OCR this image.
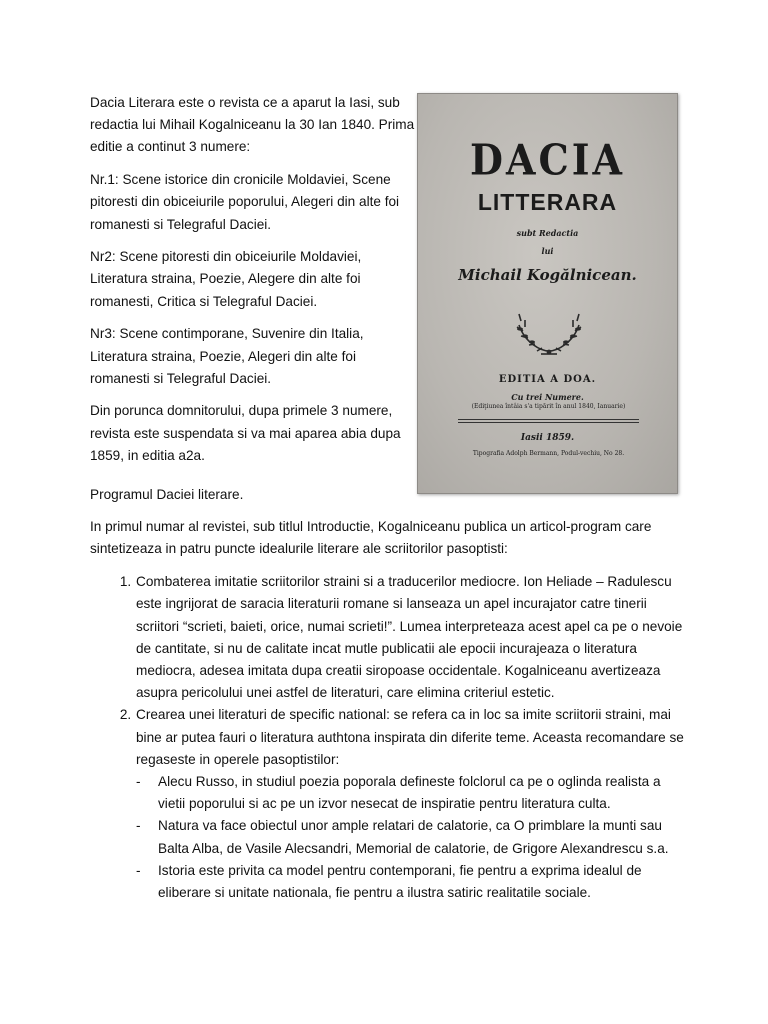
Dacia Literara este o revista ce a aparut la Iasi, sub redactia lui Mihail Kogalniceanu la 30 Ian 1840. Prima editie a continut 3 numere:

Nr.1: Scene istorice din cronicile Moldaviei, Scene pitoresti din obiceiurile poporului, Alegeri din alte foi romanesti si Telegraful Daciei.

Nr2: Scene pitoresti din obiceiurile Moldaviei, Literatura straina, Poezie, Alegere din alte foi romanesti, Critica si Telegraful Daciei.

Nr3: Scene contimporane, Suvenire din Italia, Literatura straina, Poezie, Alegeri din alte foi romanesti si Telegraful Daciei.

Din porunca domnitorului, dupa primele 3 numere, revista este suspendata si va mai aparea abia dupa 1859, in editia a2a.

DACIA
LITTERARA
subt Redactia
lui
Michail Kogălnicean.
EDITIA A DOA.
Cu trei Numere.
(Ediţiunea întâia s'a tipărit în anul 1840, Ianuarie)
Iasii 1859.
Tipografia Adolph Bermann, Podul-vechiu, No 28.

Programul Daciei literare.

In primul numar al revistei, sub titlul Introductie, Kogalniceanu publica un articol-program care sintetizeaza in patru puncte idealurile literare ale scriitorilor pasoptisti:

1. Combaterea imitatie scriitorilor straini si a traducerilor mediocre. Ion Heliade – Radulescu este ingrijorat de saracia literaturii romane si lanseaza un apel incurajator catre tinerii scriitori “scrieti, baieti, orice, numai scrieti!”. Lumea interpreteaza acest apel ca pe o nevoie de cantitate, si nu de calitate incat mutle publicatii ale epocii incurajeaza o literatura mediocra, adesea imitata dupa creatii siropoase occidentale. Kogalniceanu avertizeaza asupra pericolului unei astfel de literaturi, care elimina criteriul estetic.
2. Crearea unei literaturi de specific national: se refera ca in loc sa imite scriitorii straini, mai bine ar putea fauri o literatura authtona inspirata din diferite teme. Aceasta recomandare se regaseste in operele pasoptistilor:
- Alecu Russo, in studiul poezia poporala defineste folclorul ca pe o oglinda realista a vietii poporului si ac pe un izvor nesecat de inspiratie pentru literatura culta.
- Natura va face obiectul unor ample relatari de calatorie, ca O primblare la munti sau Balta Alba, de Vasile Alecsandri, Memorial de calatorie, de Grigore Alexandrescu s.a.
- Istoria este privita ca model pentru contemporani, fie pentru a exprima idealul de eliberare si unitate nationala, fie pentru a ilustra satiric realitatile sociale.
